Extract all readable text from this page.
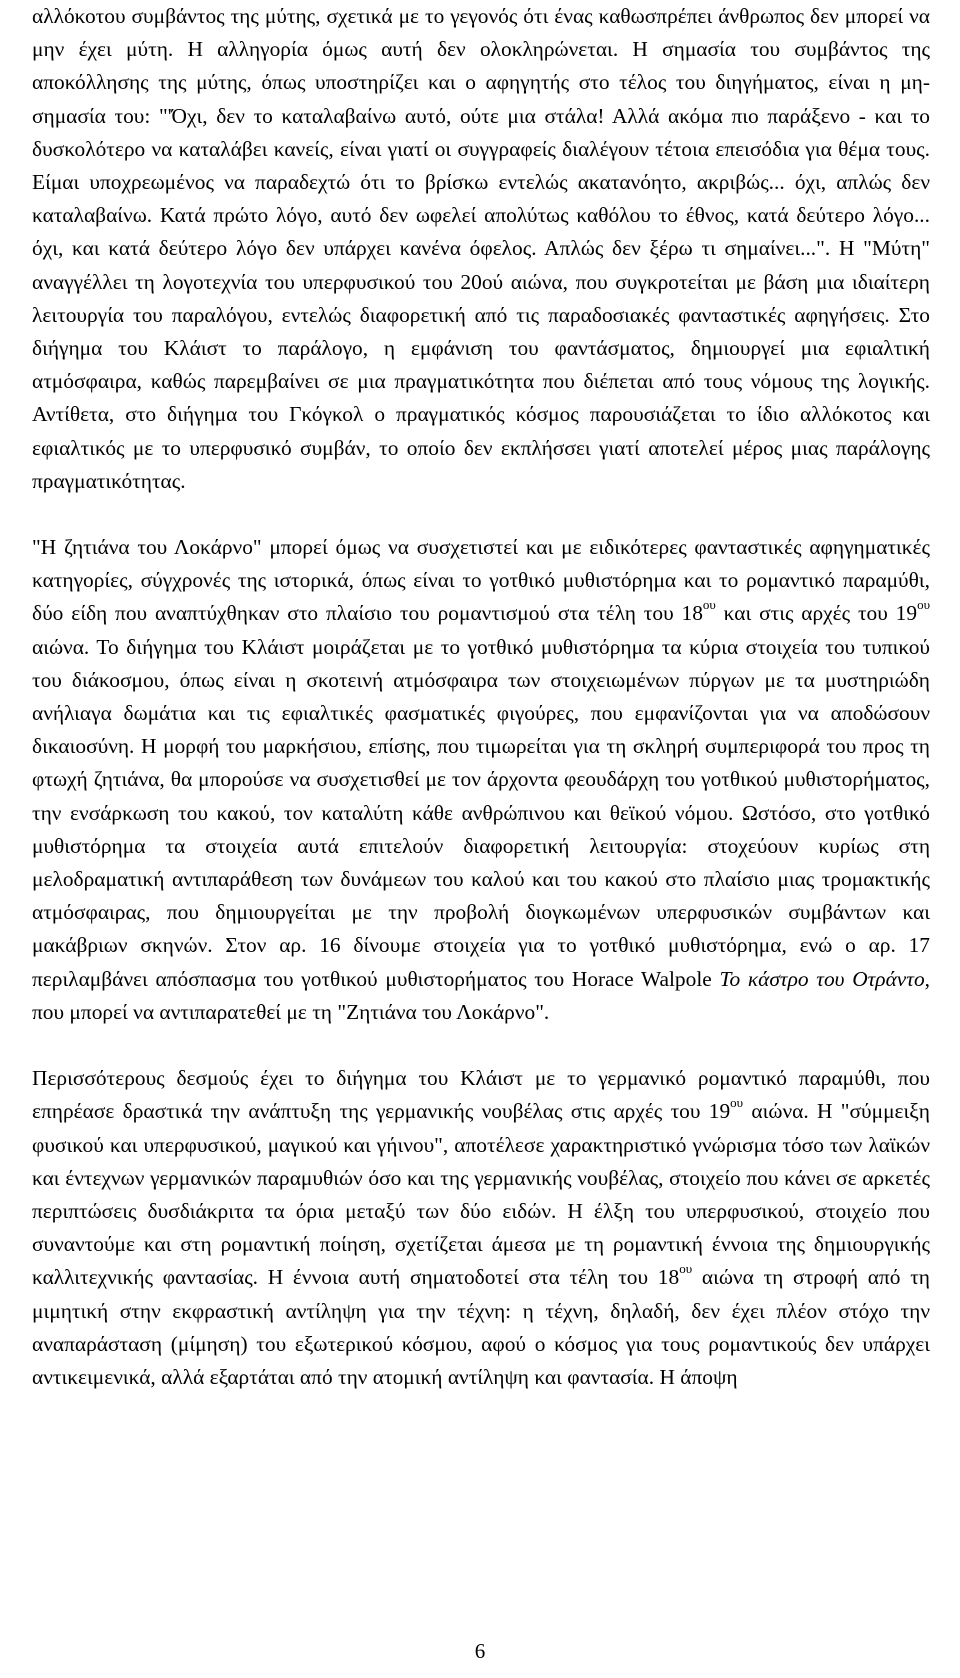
αλλόκοτου συμβάντος της μύτης, σχετικά με το γεγονός ότι ένας καθωσπρέπει άνθρωπος δεν μπορεί να μην έχει μύτη. Η αλληγορία όμως αυτή δεν ολοκληρώνεται. Η σημασία του συμβάντος της αποκόλλησης της μύτης, όπως υποστηρίζει και ο αφηγητής στο τέλος του διηγήματος, είναι η μη-σημασία του: "'Όχι, δεν το καταλαβαίνω αυτό, ούτε μια στάλα! Αλλά ακόμα πιο παράξενο - και το δυσκολότερο να καταλάβει κανείς, είναι γιατί οι συγγραφείς διαλέγουν τέτοια επεισόδια για θέμα τους. Είμαι υποχρεωμένος να παραδεχτώ ότι το βρίσκω εντελώς ακατανόητο, ακριβώς... όχι, απλώς δεν καταλαβαίνω. Κατά πρώτο λόγο, αυτό δεν ωφελεί απολύτως καθόλου το έθνος, κατά δεύτερο λόγο... όχι, και κατά δεύτερο λόγο δεν υπάρχει κανένα όφελος. Απλώς δεν ξέρω τι σημαίνει...". Η "Μύτη" αναγγέλλει τη λογοτεχνία του υπερφυσικού του 20ού αιώνα, που συγκροτείται με βάση μια ιδιαίτερη λειτουργία του παραλόγου, εντελώς διαφορετική από τις παραδοσιακές φανταστικές αφηγήσεις. Στο διήγημα του Κλάιστ το παράλογο, η εμφάνιση του φαντάσματος, δημιουργεί μια εφιαλτική ατμόσφαιρα, καθώς παρεμβαίνει σε μια πραγματικότητα που διέπεται από τους νόμους της λογικής. Αντίθετα, στο διήγημα του Γκόγκολ ο πραγματικός κόσμος παρουσιάζεται το ίδιο αλλόκοτος και εφιαλτικός με το υπερφυσικό συμβάν, το οποίο δεν εκπλήσσει γιατί αποτελεί μέρος μιας παράλογης πραγματικότητας.

"Η ζητιάνα του Λοκάρνο" μπορεί όμως να συσχετιστεί και με ειδικότερες φανταστικές αφηγηματικές κατηγορίες, σύγχρονές της ιστορικά, όπως είναι το γοτθικό μυθιστόρημα και το ρομαντικό παραμύθι, δύο είδη που αναπτύχθηκαν στο πλαίσιο του ρομαντισμού στα τέλη του $18^{o\upsilon}$ και στις αρχές του $19^{o\upsilon}$ αιώνα. Το διήγημα του Κλάιστ μοιράζεται με το γοτθικό μυθιστόρημα τα κύρια στοιχεία του τυπικού του διάκοσμου, όπως είναι η σκοτεινή ατμόσφαιρα των στοιχειωμένων πύργων με τα μυστηριώδη ανήλιαγα δωμάτια και τις εφιαλτικές φασματικές φιγούρες, που εμφανίζονται για να αποδώσουν δικαιοσύνη. Η μορφή του μαρκήσιου, επίσης, που τιμωρείται για τη σκληρή συμπεριφορά του προς τη φτωχή ζητιάνα, θα μπορούσε να συσχετισθεί με τον άρχοντα φεουδάρχη του γοτθικού μυθιστορήματος, την ενσάρκωση του κακού, τον καταλύτη κάθε ανθρώπινου και θεϊκού νόμου. Ωστόσο, στο γοτθικό μυθιστόρημα τα στοιχεία αυτά επιτελούν διαφορετική λειτουργία: στοχεύουν κυρίως στη μελοδραματική αντιπαράθεση των δυνάμεων του καλού και του κακού στο πλαίσιο μιας τρομακτικής ατμόσφαιρας, που δημιουργείται με την προβολή διογκωμένων υπερφυσικών συμβάντων και μακάβριων σκηνών. Στον αρ. 16 δίνουμε στοιχεία για το γοτθικό μυθιστόρημα, ενώ ο αρ. 17 περιλαμβάνει απόσπασμα του γοτθικού μυθιστορήματος του Horace Walpole Το κάστρο του Οτράντο, που μπορεί να αντιπαρατεθεί με τη "Ζητιάνα του Λοκάρνο".

Περισσότερους δεσμούς έχει το διήγημα του Κλάιστ με το γερμανικό ρομαντικό παραμύθι, που επηρέασε δραστικά την ανάπτυξη της γερμανικής νουβέλας στις αρχές του $19^{o\upsilon}$ αιώνα. Η "σύμμειξη φυσικού και υπερφυσικού, μαγικού και γήινου", αποτέλεσε χαρακτηριστικό γνώρισμα τόσο των λαϊκών και έντεχνων γερμανικών παραμυθιών όσο και της γερμανικής νουβέλας, στοιχείο που κάνει σε αρκετές περιπτώσεις δυσδιάκριτα τα όρια μεταξύ των δύο ειδών. Η έλξη του υπερφυσικού, στοιχείο που συναντούμε και στη ρομαντική ποίηση, σχετίζεται άμεσα με τη ρομαντική έννοια της δημιουργικής καλλιτεχνικής φαντασίας. Η έννοια αυτή σηματοδοτεί στα τέλη του $18^{o\upsilon}$ αιώνα τη στροφή από τη μιμητική στην εκφραστική αντίληψη για την τέχνη: η τέχνη, δηλαδή, δεν έχει πλέον στόχο την αναπαράσταση (μίμηση) του εξωτερικού κόσμου, αφού ο κόσμος για τους ρομαντικούς δεν υπάρχει αντικειμενικά, αλλά εξαρτάται από την ατομική αντίληψη και φαντασία. Η άποψη

6
